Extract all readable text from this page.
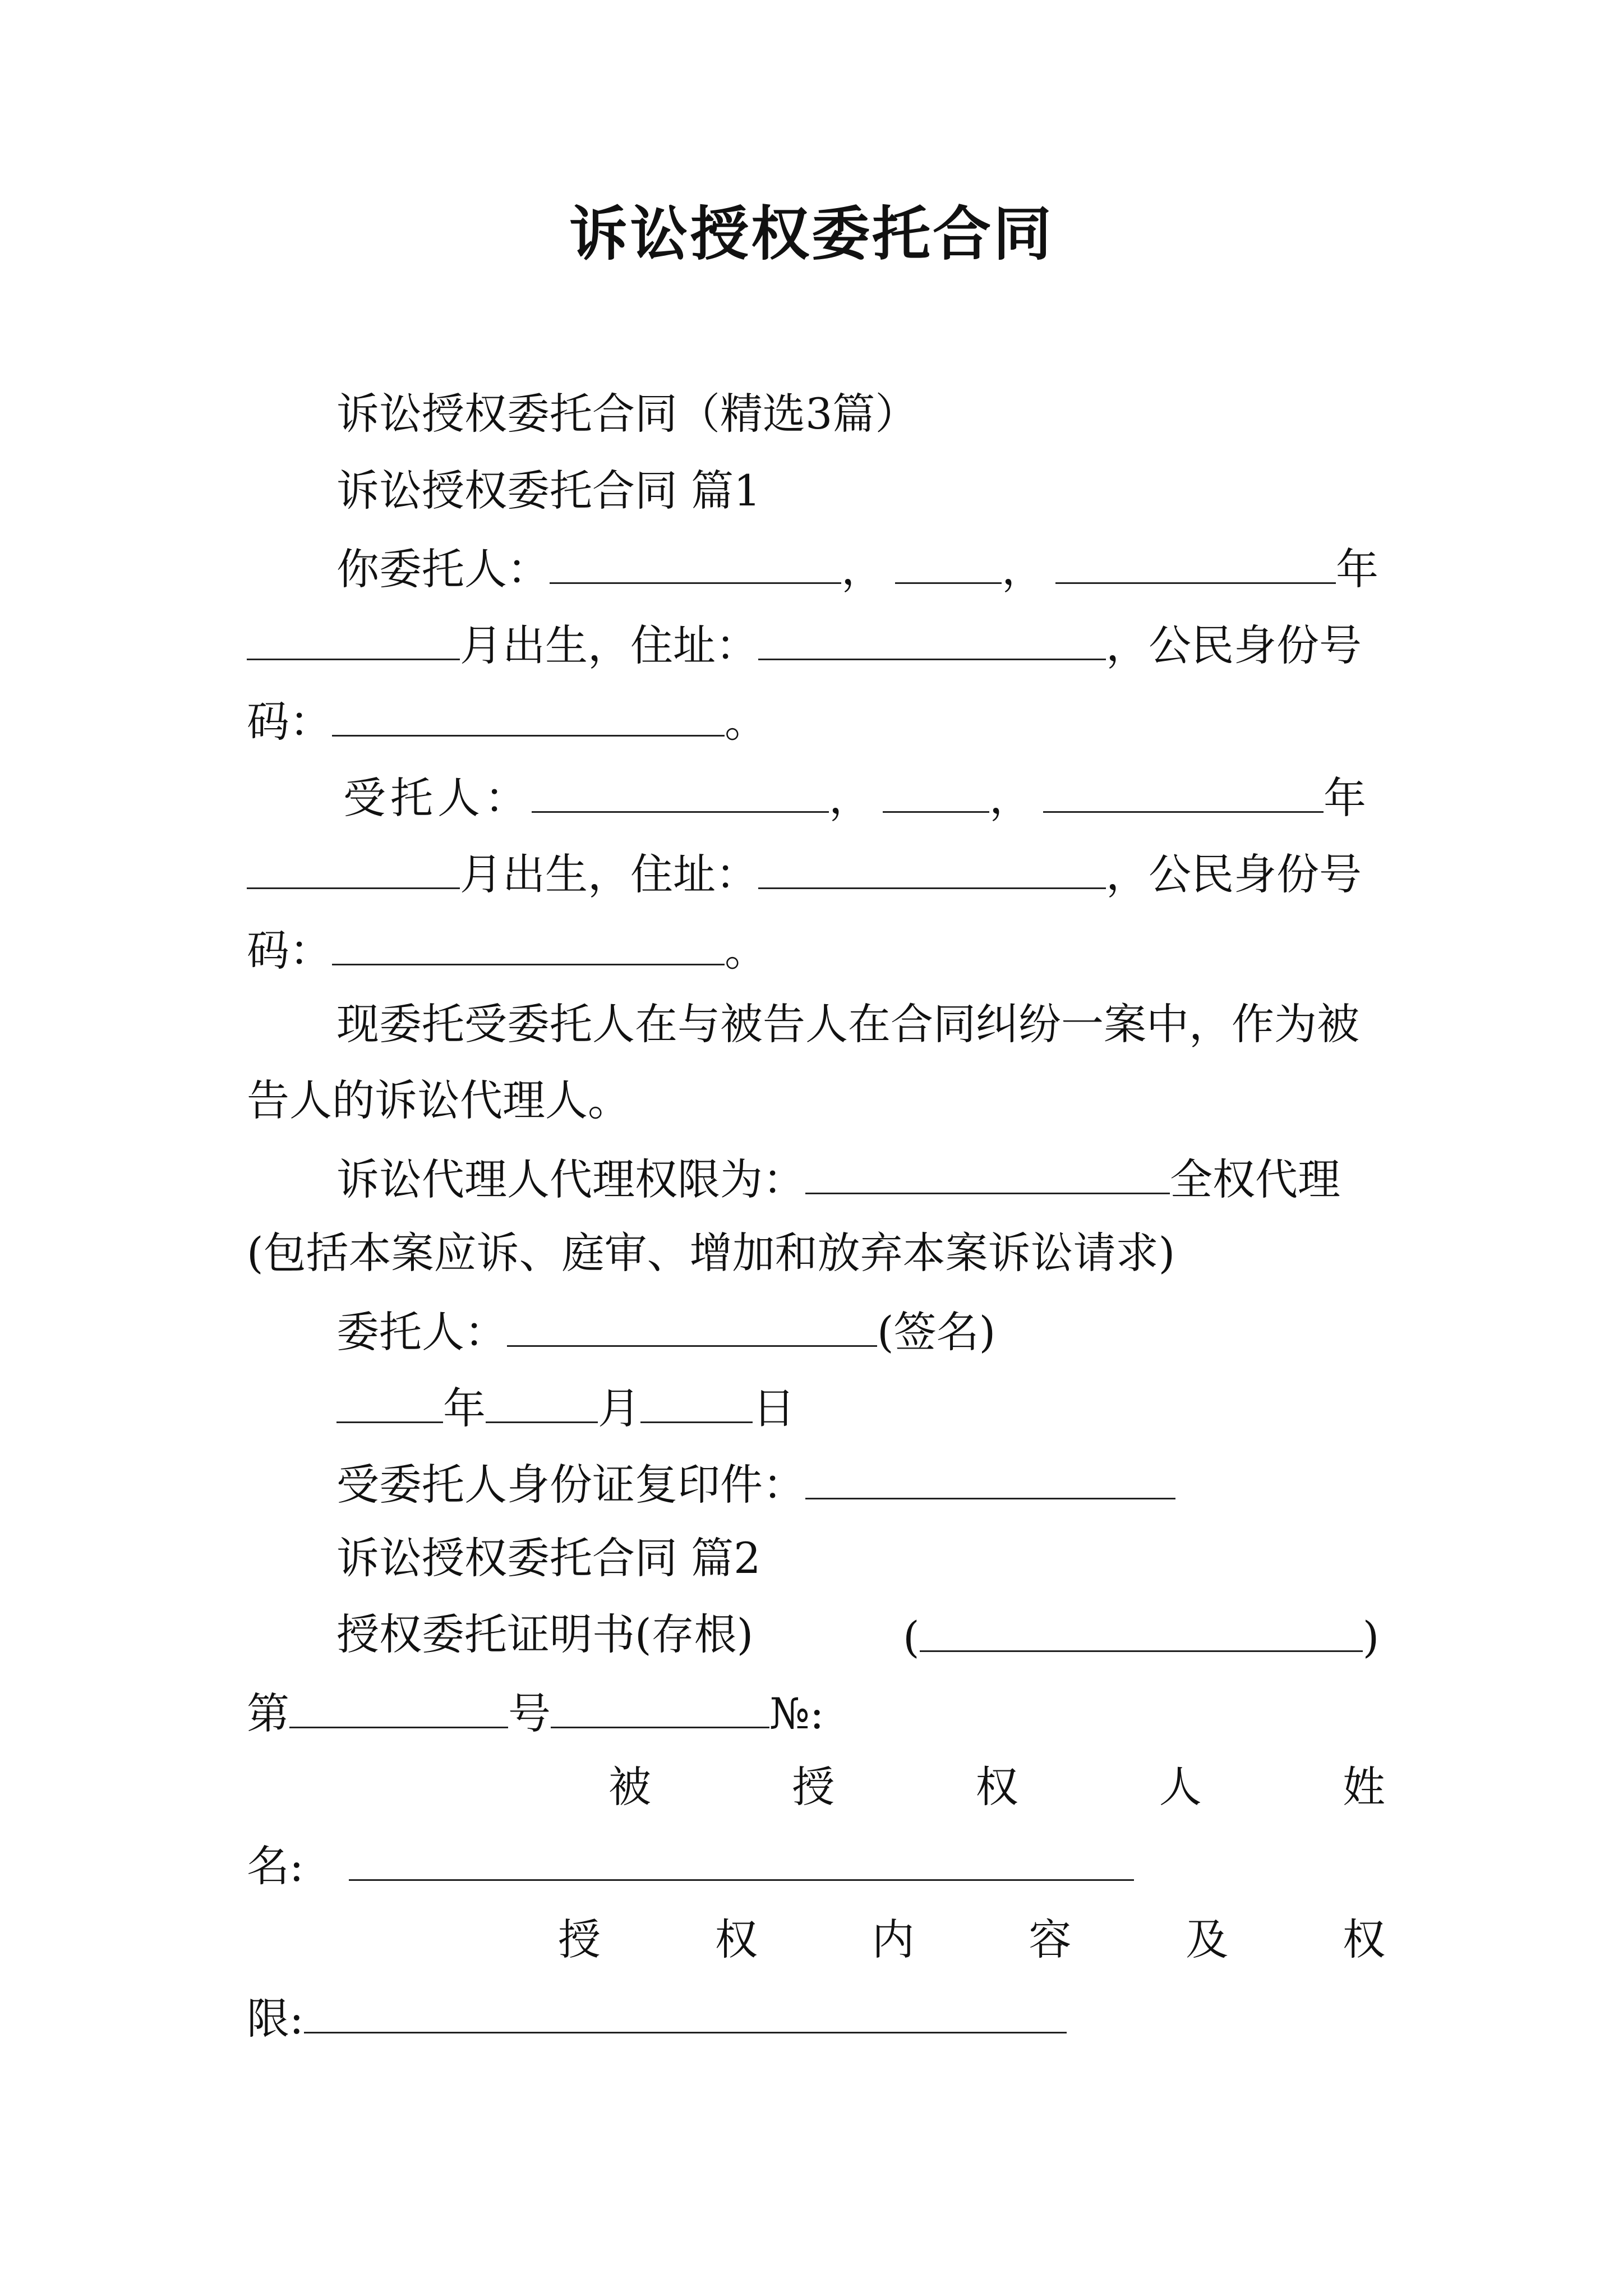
诉讼授权委托合同
诉讼授权委托合同（精选3篇）
诉讼授权委托合同 篇1
你委托人：	，	，	年
月出生，住址：	，公民身份号
码：	。
受托人：	，	，	年
月出生，住址：	，公民身份号
码：	。
现委托受委托人在与被告人在合同纠纷一案中，作为被
告人的诉讼代理人。
诉讼代理人代理权限为：	全权代理
(包括本案应诉、庭审、增加和放弃本案诉讼请求)
委托人：	(签名)
年	月	日
受委托人身份证复印件：
诉讼授权委托合同 篇2
授权委托证明书(存根)	(	)
第	号	№:
被	授	权	人	姓
名:
授	权	内	容	及	权
限:
